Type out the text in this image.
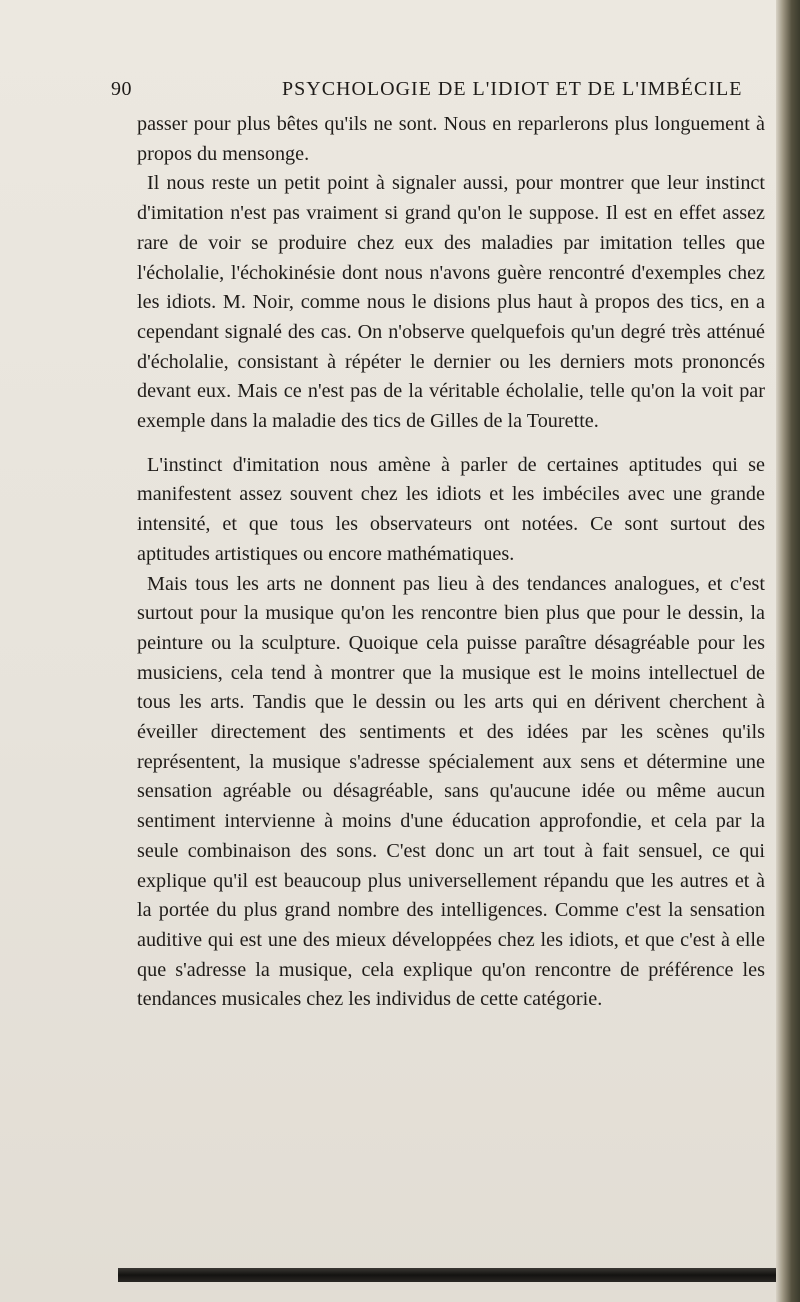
90	PSYCHOLOGIE DE L'IDIOT ET DE L'IMBÉCILE

passer pour plus bêtes qu'ils ne sont. Nous en reparlerons plus longuement à propos du mensonge.

Il nous reste un petit point à signaler aussi, pour montrer que leur instinct d'imitation n'est pas vraiment si grand qu'on le suppose. Il est en effet assez rare de voir se produire chez eux des maladies par imitation telles que l'écholalie, l'échokinésie dont nous n'avons guère rencontré d'exemples chez les idiots. M. Noir, comme nous le disions plus haut à propos des tics, en a cependant signalé des cas. On n'observe quelquefois qu'un degré très atténué d'écholalie, consistant à répéter le dernier ou les derniers mots prononcés devant eux. Mais ce n'est pas de la véritable écholalie, telle qu'on la voit par exemple dans la maladie des tics de Gilles de la Tourette.

L'instinct d'imitation nous amène à parler de certaines aptitudes qui se manifestent assez souvent chez les idiots et les imbéciles avec une grande intensité, et que tous les observateurs ont notées. Ce sont surtout des aptitudes artistiques ou encore mathématiques.

Mais tous les arts ne donnent pas lieu à des tendances analogues, et c'est surtout pour la musique qu'on les rencontre bien plus que pour le dessin, la peinture ou la sculpture. Quoique cela puisse paraître désagréable pour les musiciens, cela tend à montrer que la musique est le moins intellectuel de tous les arts. Tandis que le dessin ou les arts qui en dérivent cherchent à éveiller directement des sentiments et des idées par les scènes qu'ils représentent, la musique s'adresse spécialement aux sens et détermine une sensation agréable ou désagréable, sans qu'aucune idée ou même aucun sentiment intervienne à moins d'une éducation approfondie, et cela par la seule combinaison des sons. C'est donc un art tout à fait sensuel, ce qui explique qu'il est beaucoup plus universellement répandu que les autres et à la portée du plus grand nombre des intelligences. Comme c'est la sensation auditive qui est une des mieux développées chez les idiots, et que c'est à elle que s'adresse la musique, cela explique qu'on rencontre de préférence les tendances musicales chez les individus de cette catégorie.
